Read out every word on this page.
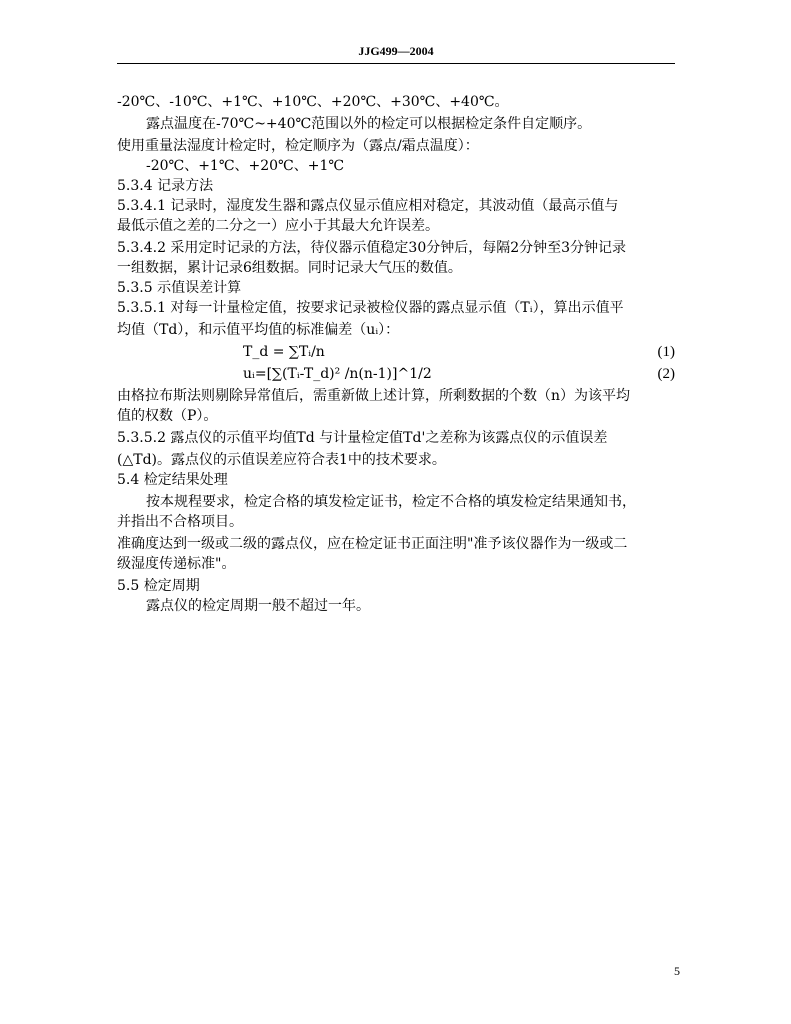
JJG499—2004
-20℃、-10℃、+1℃、+10℃、+20℃、+30℃、+40℃。
露点温度在-70℃~+40℃范围以外的检定可以根据检定条件自定顺序。
使用重量法湿度计检定时，检定顺序为（露点/霜点温度）：
-20℃、+1℃、+20℃、+1℃
5.3.4 记录方法
5.3.4.1 记录时，湿度发生器和露点仪显示值应相对稳定，其波动值（最高示值与
最低示值之差的二分之一）应小于其最大允许误差。
5.3.4.2 采用定时记录的方法，待仪器示值稳定30分钟后，每隔2分钟至3分钟记录
一组数据，累计记录6组数据。同时记录大气压的数值。
5.3.5 示值误差计算
5.3.5.1 对每一计量检定值，按要求记录被检仪器的露点显示值（Tᵢ），算出示值平
均值（Td），和示值平均值的标准偏差（uᵢ）：
T_d = ∑Tᵢ/n	(1)
uᵢ=[∑(Tᵢ-T_d)² /n(n-1)]^1/2	(2)
由格拉布斯法则剔除异常值后，需重新做上述计算，所剩数据的个数（n）为该平均
值的权数（P）。
5.3.5.2 露点仪的示值平均值Td 与计量检定值Td'之差称为该露点仪的示值误差
(△Td)。露点仪的示值误差应符合表1中的技术要求。
5.4 检定结果处理
按本规程要求，检定合格的填发检定证书，检定不合格的填发检定结果通知书，
并指出不合格项目。
准确度达到一级或二级的露点仪，应在检定证书正面注明"准予该仪器作为一级或二
级湿度传递标准"。
5.5 检定周期
露点仪的检定周期一般不超过一年。
5
